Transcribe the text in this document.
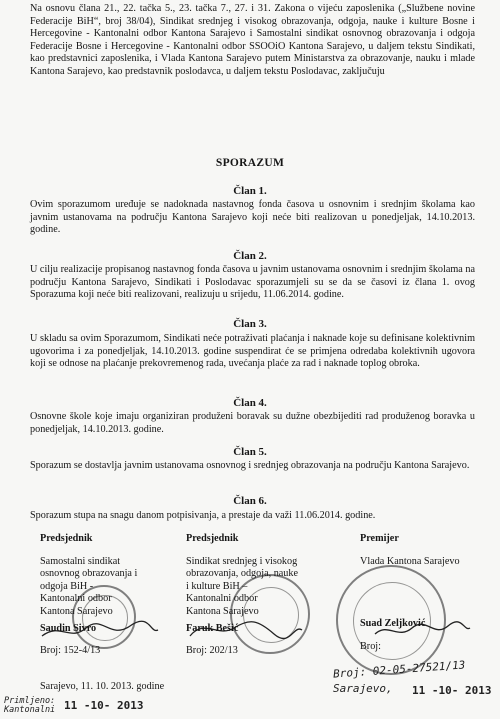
Na osnovu člana 21., 22. tačka 5., 23. tačka 7., 27. i 31. Zakona o vijeću zaposlenika („Službene novine Federacije BiH“, broj 38/04), Sindikat srednjeg i visokog obrazovanja, odgoja, nauke i kulture Bosne i Hercegovine - Kantonalni odbor Kantona Sarajevo i Samostalni sindikat osnovnog obrazovanja i odgoja Federacije Bosne i Hercegovine - Kantonalni odbor SSOOiO Kantona Sarajevo, u daljem tekstu Sindikati, kao predstavnici zaposlenika, i Vlada Kantona Sarajevo putem Ministarstva za obrazovanje, nauku i mlade Kantona Sarajevo, kao predstavnik poslodavca, u daljem tekstu Poslodavac, zaključuju
SPORAZUM
Član 1.
Ovim sporazumom uređuje se nadoknada nastavnog fonda časova u osnovnim i srednjim školama kao javnim ustanovama na području Kantona Sarajevo koji neće biti realizovan u ponedjeljak, 14.10.2013. godine.
Član 2.
U cilju realizacije propisanog nastavnog fonda časova u javnim ustanovama osnovnim i srednjim školama na području Kantona Sarajevo, Sindikati i Poslodavac sporazumjeli su se da se časovi iz člana 1. ovog Sporazuma koji neće biti realizovani, realizuju u srijedu, 11.06.2014. godine.
Član 3.
U skladu sa ovim Sporazumom, Sindikati neće potraživati plaćanja i naknade koje su definisane kolektivnim ugovorima i za ponedjeljak, 14.10.2013. godine suspendirat će se primjena odredaba kolektivnih ugovora koji se odnose na plaćanje prekovremenog rada, uvećanja plaće za rad i naknade toplog obroka.
Član 4.
Osnovne škole koje imaju organiziran produženi boravak su dužne obezbijediti rad produženog boravka u ponedjeljak, 14.10.2013. godine.
Član 5.
Sporazum se dostavlja javnim ustanovama osnovnog i srednjeg obrazovanja na području Kantona Sarajevo.
Član 6.
Sporazum stupa na snagu danom potpisivanja, a prestaje da važi 11.06.2014. godine.
Predsjednik
Samostalni sindikat
osnovnog obrazovanja i
odgoja BiH -
Kantonalni odbor
Kantona Sarajevo
Saudin Sivro
Broj: 152-4/13
Predsjednik
Sindikat srednjeg i visokog
obrazovanja, odgoja, nauke
i kulture BiH –
Kantonalni odbor
Kantona Sarajevo
Faruk Bešić
Broj: 202/13
Premijer
Vlada Kantona Sarajevo
Suad Zeljković
Broj:
Sarajevo, 11. 10. 2013. godine
Broj: 02-05-27521/13
Sarajevo, 11 -10- 2013
Primljeno: Kantonalni 11 -10- 2013
